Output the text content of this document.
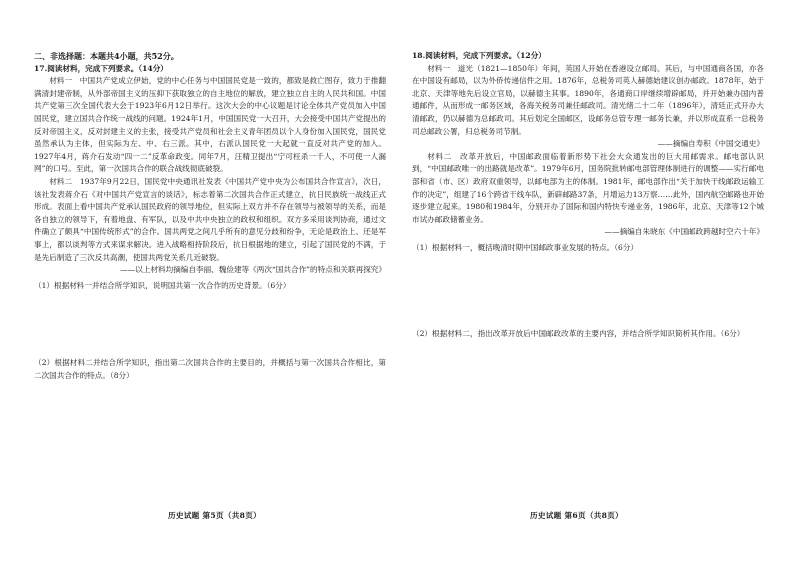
二、非选择题：本题共4小题，共52分。

17.阅读材料，完成下列要求。（14分）

材料一　中国共产党成立伊始，党的中心任务与中国国民党是一致的，都致是救亡图存，致力于推翻满清封建帝制，从外部帝国主义的压抑下获取独立的自主地位的解放，建立独立自主的人民共和国。中国共产党第三次全国代表大会于1923年6月12日举行。这次大会的中心议题是讨论全体共产党员加入中国国民党，建立国共合作统一战线的问题。1924年1月，中国国民党一大召开，大会接受中国共产党提出的反对帝国主义、反对封建主义的主张，接受共产党员和社会主义青年团员以个人身份加入国民党，国民党虽然承认为主体，但实际为左、中、右三派。其中，右派认国民党一大起就一直反对共产党的加入。1927年4月，蒋介石发动“四一二”反革命政变。同年7月，汪精卫提出“宁可枉杀一千人，不可使一人漏网”的口号。至此，第一次国共合作的联合战线彻底破裂。

材料二　1937年9月22日，国民党中央通讯社发表《中国共产党中央为公布国共合作宣言》，次日，该社发表蒋介石《对中国共产党宣言的谈话》，标志着第二次国共合作正式建立，抗日民族统一战线正式形成。表面上看中国共产党承认国民政府的领导地位，但实际上双方并不存在领导与被领导的关系，而是各自独立的领导下，有着地盘、有军队，以及中共中央独立的政权和组织。双方多采用谈判协商，通过文件确立了颇具“中国传统形式”的合作。国共两党之间几乎所有的意见分歧和纷争，无论是政治上、还是军事上，都以谈判等方式来谋求解决。进入战略相持阶段后，抗日根据地的建立，引起了国民党的不满，于是先后制造了三次反共高潮，使国共两党关系几近破裂。

——以上材料均摘编自李丽、魏俭建等《两次“国共合作”的特点和关联再探究》

（1）根据材料一并结合所学知识，说明国共第一次合作的历史背景。（6分）

（2）根据材料二并结合所学知识，指出第二次国共合作的主要目的，并概括与第一次国共合作相比，第二次国共合作的特点。（8分）

18.阅读材料，完成下列要求。（12分）

材料一　道光（1821—1850年）年间，英国人开始在香港设立邮局。其后，与中国通商各国，亦各在中国设有邮局，以为外侨传递信件之用。1876年，总税务司英人赫德始建议创办邮政。1878年，始于北京、天津等地先后设立官局，以赫德主其事。1890年，各通商口岸继续增辟邮局，并开始兼办国内普通邮件，从而形成一邮务区域，各海关税务司兼任邮政司。清光绪二十二年（1896年），清廷正式开办大清邮政，仍以赫德为总邮政司。其后划定全国邮区，设邮务总管专理一邮务长兼，并以形成直系一总税务司总邮政公署，归总税务司节制。

——摘编自寿积《中国交通史》

材料二　改革开放后，中国邮政面临着新形势下社会大众通发出的巨大用邮需求。邮电部认识到，“中国邮政唯一的出路就是改革”。1979年6月，国务院批转邮电部管理体制进行的调整——实行邮电部和省（市、区）政府双重领导，以邮电部为主的体制。1981年，邮电部作出“关于加快干线邮政运输工作的决定”，组建了16个跨省干线车队，新辟邮路37条，月增运力13万察……此外，国内航空邮路也开始逐步建立起来。1980和1984年，分别开办了国际和国内特快专递业务，1986年，北京、天津等12个城市试办邮政储蓄业务。

——摘编自朱晓东《中国邮政跨越时空六十年》

（1）根据材料一，概括晚清时期中国邮政事业发展的特点。（6分）

（2）根据材料二，指出改革开放后中国邮政改革的主要内容，并结合所学知识简析其作用。（6分）

历史试题 第5页（共8页）	历史试题 第6页（共8页）
